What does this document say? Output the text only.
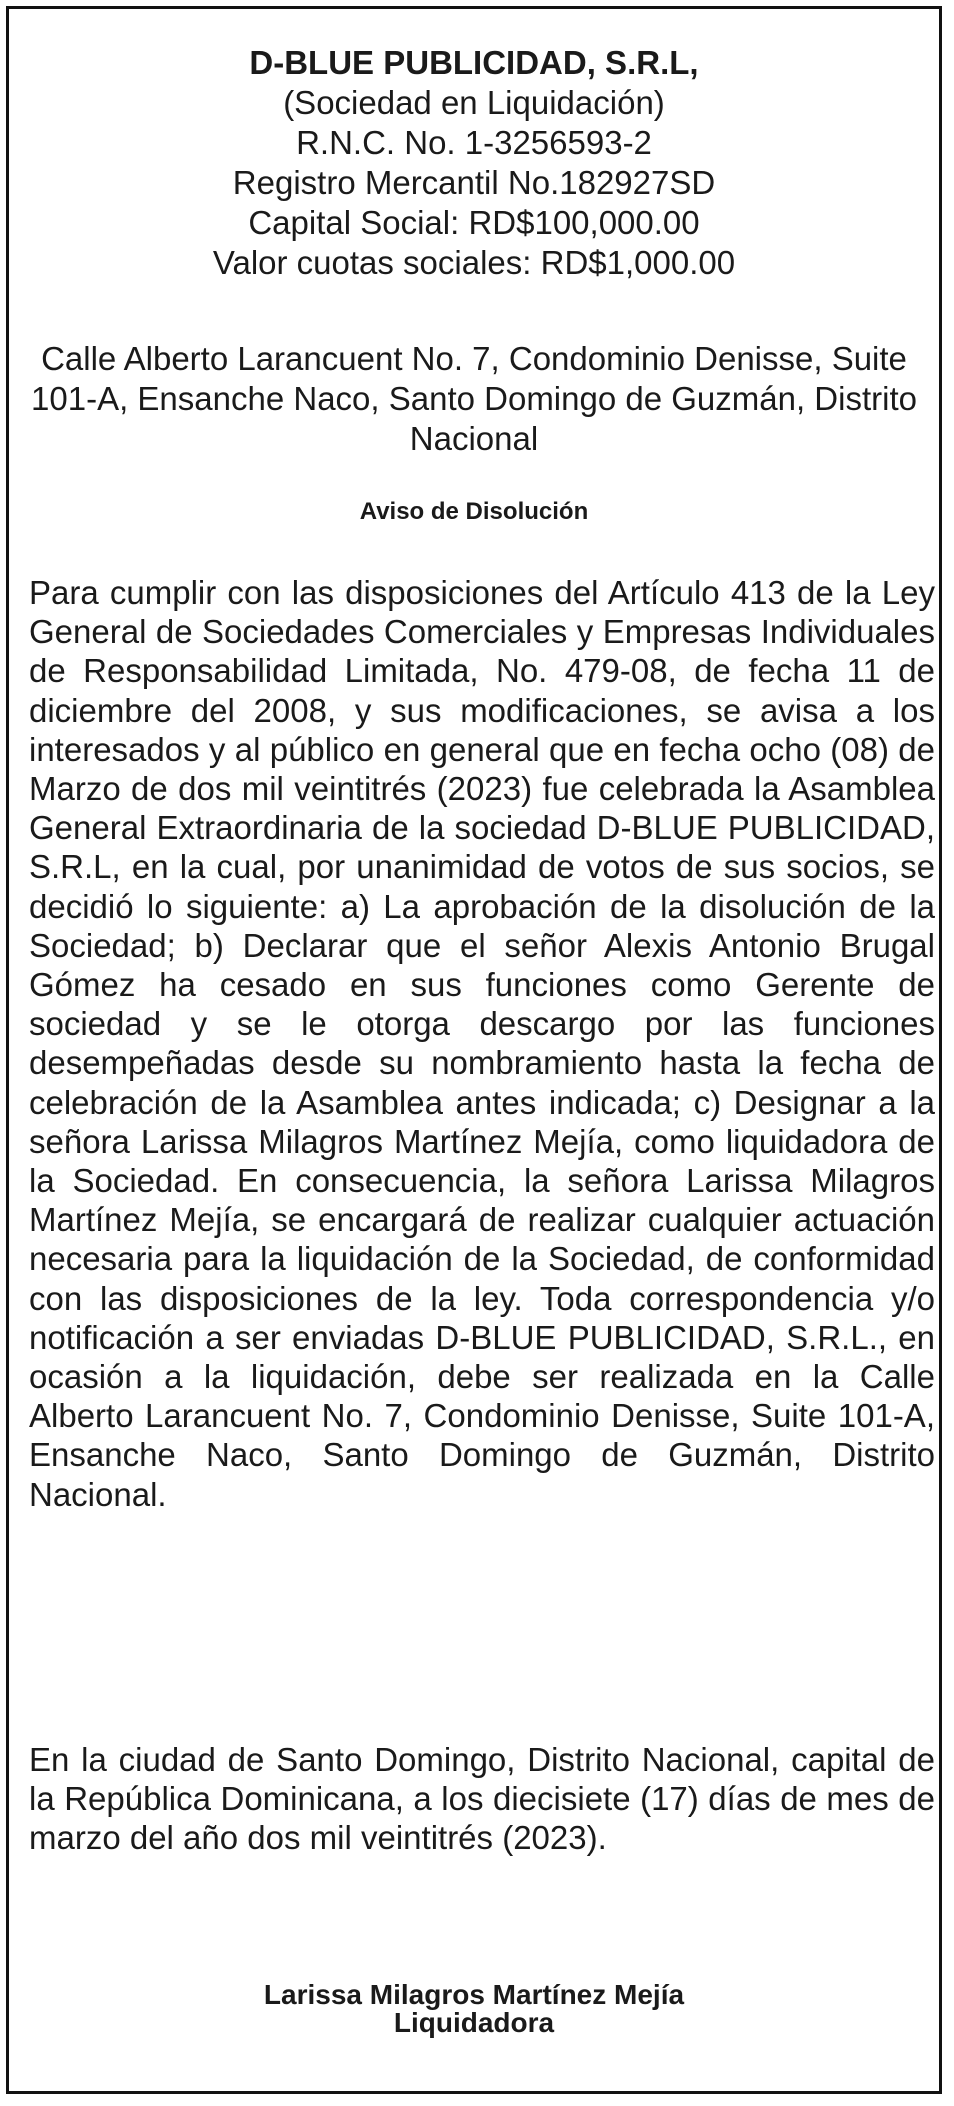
D-BLUE PUBLICIDAD, S.R.L,
(Sociedad en Liquidación)
R.N.C. No. 1-3256593-2
Registro Mercantil No.182927SD
Capital Social: RD$100,000.00
Valor cuotas sociales: RD$1,000.00
Calle Alberto Larancuent No. 7, Condominio Denisse, Suite 101-A, Ensanche Naco, Santo Domingo de Guzmán, Distrito Nacional
Aviso de Disolución
Para cumplir con las disposiciones del Artículo 413 de la Ley General de Sociedades Comerciales y Empresas Individuales de Responsabilidad Limitada, No. 479-08, de fecha 11 de diciembre del 2008, y sus modificaciones, se avisa a los interesados y al público en general que en fecha ocho (08) de Marzo de dos mil veintitrés (2023) fue celebrada la Asamblea General Extraordinaria de la sociedad D-BLUE PUBLICIDAD, S.R.L, en la cual, por unanimidad de votos de sus socios, se decidió lo siguiente: a) La aprobación de la disolución de la Sociedad; b) Declarar que el señor Alexis Antonio Brugal Gómez ha cesado en sus funciones como Gerente de sociedad y se le otorga descargo por las funciones desempeñadas desde su nombramiento hasta la fecha de celebración de la Asamblea antes indicada; c) Designar a la señora Larissa Milagros Martínez Mejía, como liquidadora de la Sociedad. En consecuencia, la señora Larissa Milagros Martínez Mejía, se encargará de realizar cualquier actuación necesaria para la liquidación de la Sociedad, de conformidad con las disposiciones de la ley. Toda correspondencia y/o notificación a ser enviadas D-BLUE PUBLICIDAD, S.R.L., en ocasión a la liquidación, debe ser realizada en la Calle Alberto Larancuent No. 7, Condominio Denisse, Suite 101-A, Ensanche Naco, Santo Domingo de Guzmán, Distrito Nacional.
En la ciudad de Santo Domingo, Distrito Nacional, capital de la República Dominicana, a los diecisiete (17) días de mes de marzo del año dos mil veintitrés (2023).
Larissa Milagros Martínez Mejía
Liquidadora
